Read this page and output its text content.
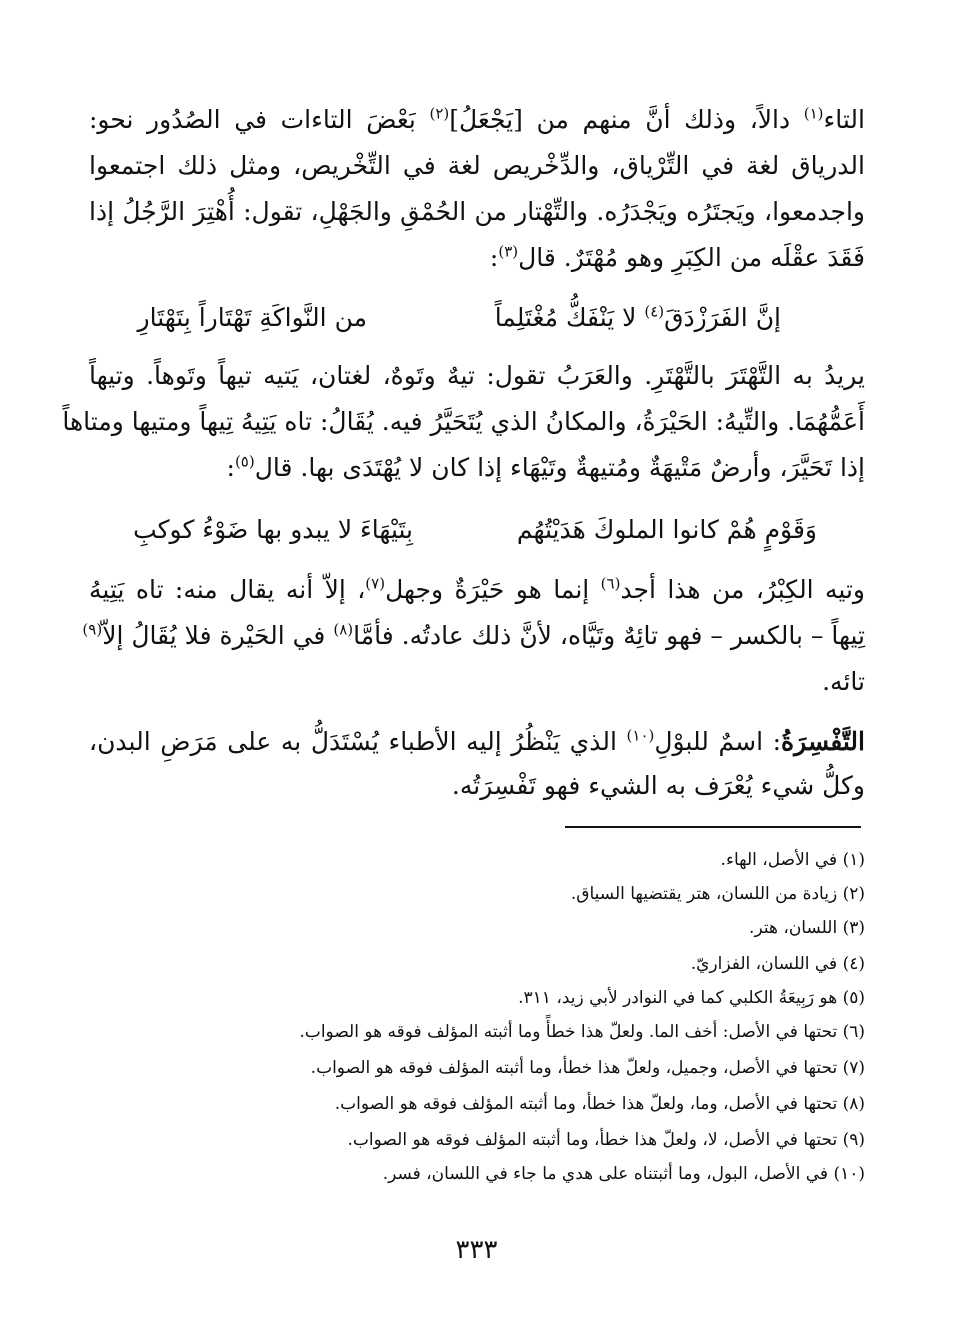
التاء$^{(١)}$ دالاً، وذلك أنَّ منهم من [يَجْعَلُ]$^{(٢)}$ بَعْضَ التاءات في الصُدُور نحو:
الدرياق لغة في التِّرْياق، والدِّخْريص لغة في التِّخْريص، ومثل ذلك اجتمعوا
واجدمعوا، ويَجتَرُه ويَجْدَرُه. والتِّهْتار من الحُمْقِ والجَهْلِ، تقول: أُهْتِرَ الرَّجُلُ إذا
فَقَدَ عقْلَه من الكِبَرِ وهو مُهْتَرٌ. قال$^{(٣)}$:
إنَّ الفَرَزْدَقَ$^{(٤)}$ لا يَنْفَكُّ مُغْتَلِماً
من النَّواكَةِ تَهْتَاراً بِتَهْتَارِ
يريدُ به التَّهْتَرَ بالتَّهْتَرِ. والعَرَبُ تقول: تيهٌ وتَوهٌ، لغتان، يَتيه تيهاً وتَوهاً. وتيهاً
أَعَمُّهُمَا. والتِّيهُ: الحَيْرَةُ، والمكانُ الذي يُتَحَيَّرُ فيه. يُقَالُ: تاه يَتِيهُ تِيهاً ومتيها ومتاهاً
إذا تَحَيَّرَ، وأرضٌ مَتْيهَةٌ ومُتيهةٌ وتَيْهَاء إذا كان لا يُهْتَدَى بها. قال$^{(٥)}$:
وَقَوْمٍ هُمْ كانوا الملوكَ هَدَيْتُهُم
بِتَيْهَاءَ لا يبدو بها ضَوْءُ كوكبِ
وتيه الكِبْرُ، من هذا أجد$^{(٦)}$ إنما هو حَيْرَةٌ وجهل$^{(٧)}$، إلاّ أنه يقال منه: تاه يَتِيهُ
تِيهاً – بالكسر – فهو تائِهٌ وتَيَّاه، لأنَّ ذلك عادتُه. فأمَّا$^{(٨)}$ في الحَيْرة فلا يُقَالُ إلاّ$^{(٩)}$
تائه.
التَّفْسِرَةُ: اسمٌ للبوْلِ$^{(١٠)}$ الذي يَنْظُرُ إليه الأطباء يُسْتَدَلُّ به على مَرَضِ البدن،
وكلُّ شيء يُعْرَف به الشيء فهو تَفْسِرَتُه.
(١) في الأصل، الهاء.
(٢) زيادة من اللسان، هتر يقتضيها السياق.
(٣) اللسان، هتر.
(٤) في اللسان، الفزاريّ.
(٥) هو رَبِيعَةُ الكلبي كما في النوادر لأبي زيد، ٣١١.
(٦) تحتها في الأصل: أخف الما. ولعلّ هذا خطأً وما أثبته المؤلف فوقه هو الصواب.
(٧) تحتها في الأصل، وجميل، ولعلّ هذا خطأ، وما أثبته المؤلف فوقه هو الصواب.
(٨) تحتها في الأصل، وما، ولعلّ هذا خطأ، وما أثبته المؤلف فوقه هو الصواب.
(٩) تحتها في الأصل، لا، ولعلّ هذا خطأ، وما أثبته المؤلف فوقه هو الصواب.
(١٠) في الأصل، البول، وما أثبتناه على هدي ما جاء في اللسان، فسر.
٣٣٣
